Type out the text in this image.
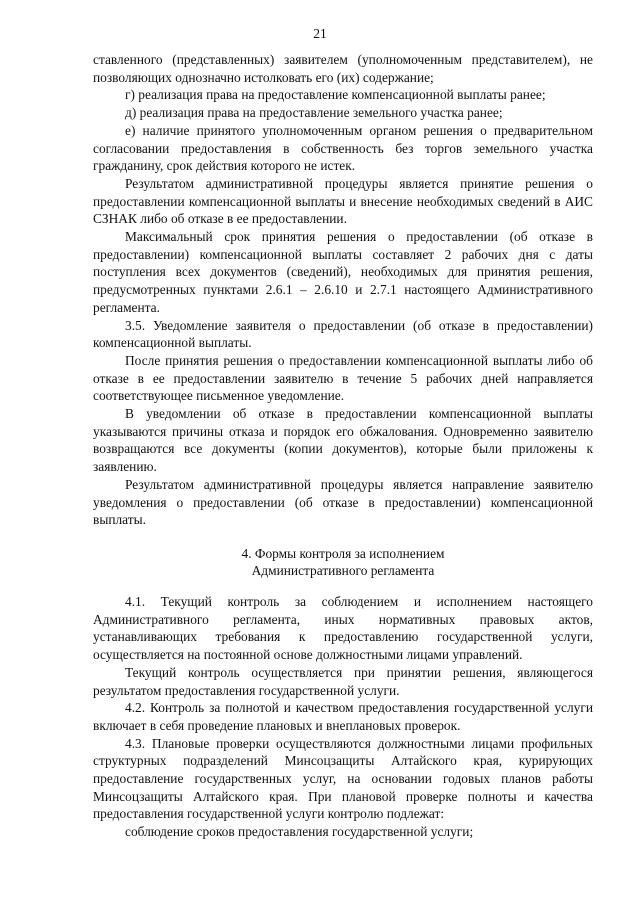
21

ставленного (представленных) заявителем (уполномоченным представителем), не позволяющих однозначно истолковать его (их) содержание;

г) реализация права на предоставление компенсационной выплаты ранее;

д) реализация права на предоставление земельного участка ранее;

е) наличие принятого уполномоченным органом решения о предварительном согласовании предоставления в собственность без торгов земельного участка гражданину, срок действия которого не истек.

Результатом административной процедуры является принятие решения о предоставлении компенсационной выплаты и внесение необходимых сведений в АИС СЗНАК либо об отказе в ее предоставлении.

Максимальный срок принятия решения о предоставлении (об отказе в предоставлении) компенсационной выплаты составляет 2 рабочих дня с даты поступления всех документов (сведений), необходимых для принятия решения, предусмотренных пунктами 2.6.1 – 2.6.10 и 2.7.1 настоящего Административного регламента.

3.5. Уведомление заявителя о предоставлении (об отказе в предоставлении) компенсационной выплаты.

После принятия решения о предоставлении компенсационной выплаты либо об отказе в ее предоставлении заявителю в течение 5 рабочих дней направляется соответствующее письменное уведомление.

В уведомлении об отказе в предоставлении компенсационной выплаты указываются причины отказа и порядок его обжалования. Одновременно заявителю возвращаются все документы (копии документов), которые были приложены к заявлению.

Результатом административной процедуры является направление заявителю уведомления о предоставлении (об отказе в предоставлении) компенсационной выплаты.

4. Формы контроля за исполнением
Административного регламента

4.1. Текущий контроль за соблюдением и исполнением настоящего Административного регламента, иных нормативных правовых актов, устанавливающих требования к предоставлению государственной услуги, осуществляется на постоянной основе должностными лицами управлений.

Текущий контроль осуществляется при принятии решения, являющегося результатом предоставления государственной услуги.

4.2. Контроль за полнотой и качеством предоставления государственной услуги включает в себя проведение плановых и внеплановых проверок.

4.3. Плановые проверки осуществляются должностными лицами профильных структурных подразделений Минсоцзащиты Алтайского края, курирующих предоставление государственных услуг, на основании годовых планов работы Минсоцзащиты Алтайского края. При плановой проверке полноты и качества предоставления государственной услуги контролю подлежат:

соблюдение сроков предоставления государственной услуги;
